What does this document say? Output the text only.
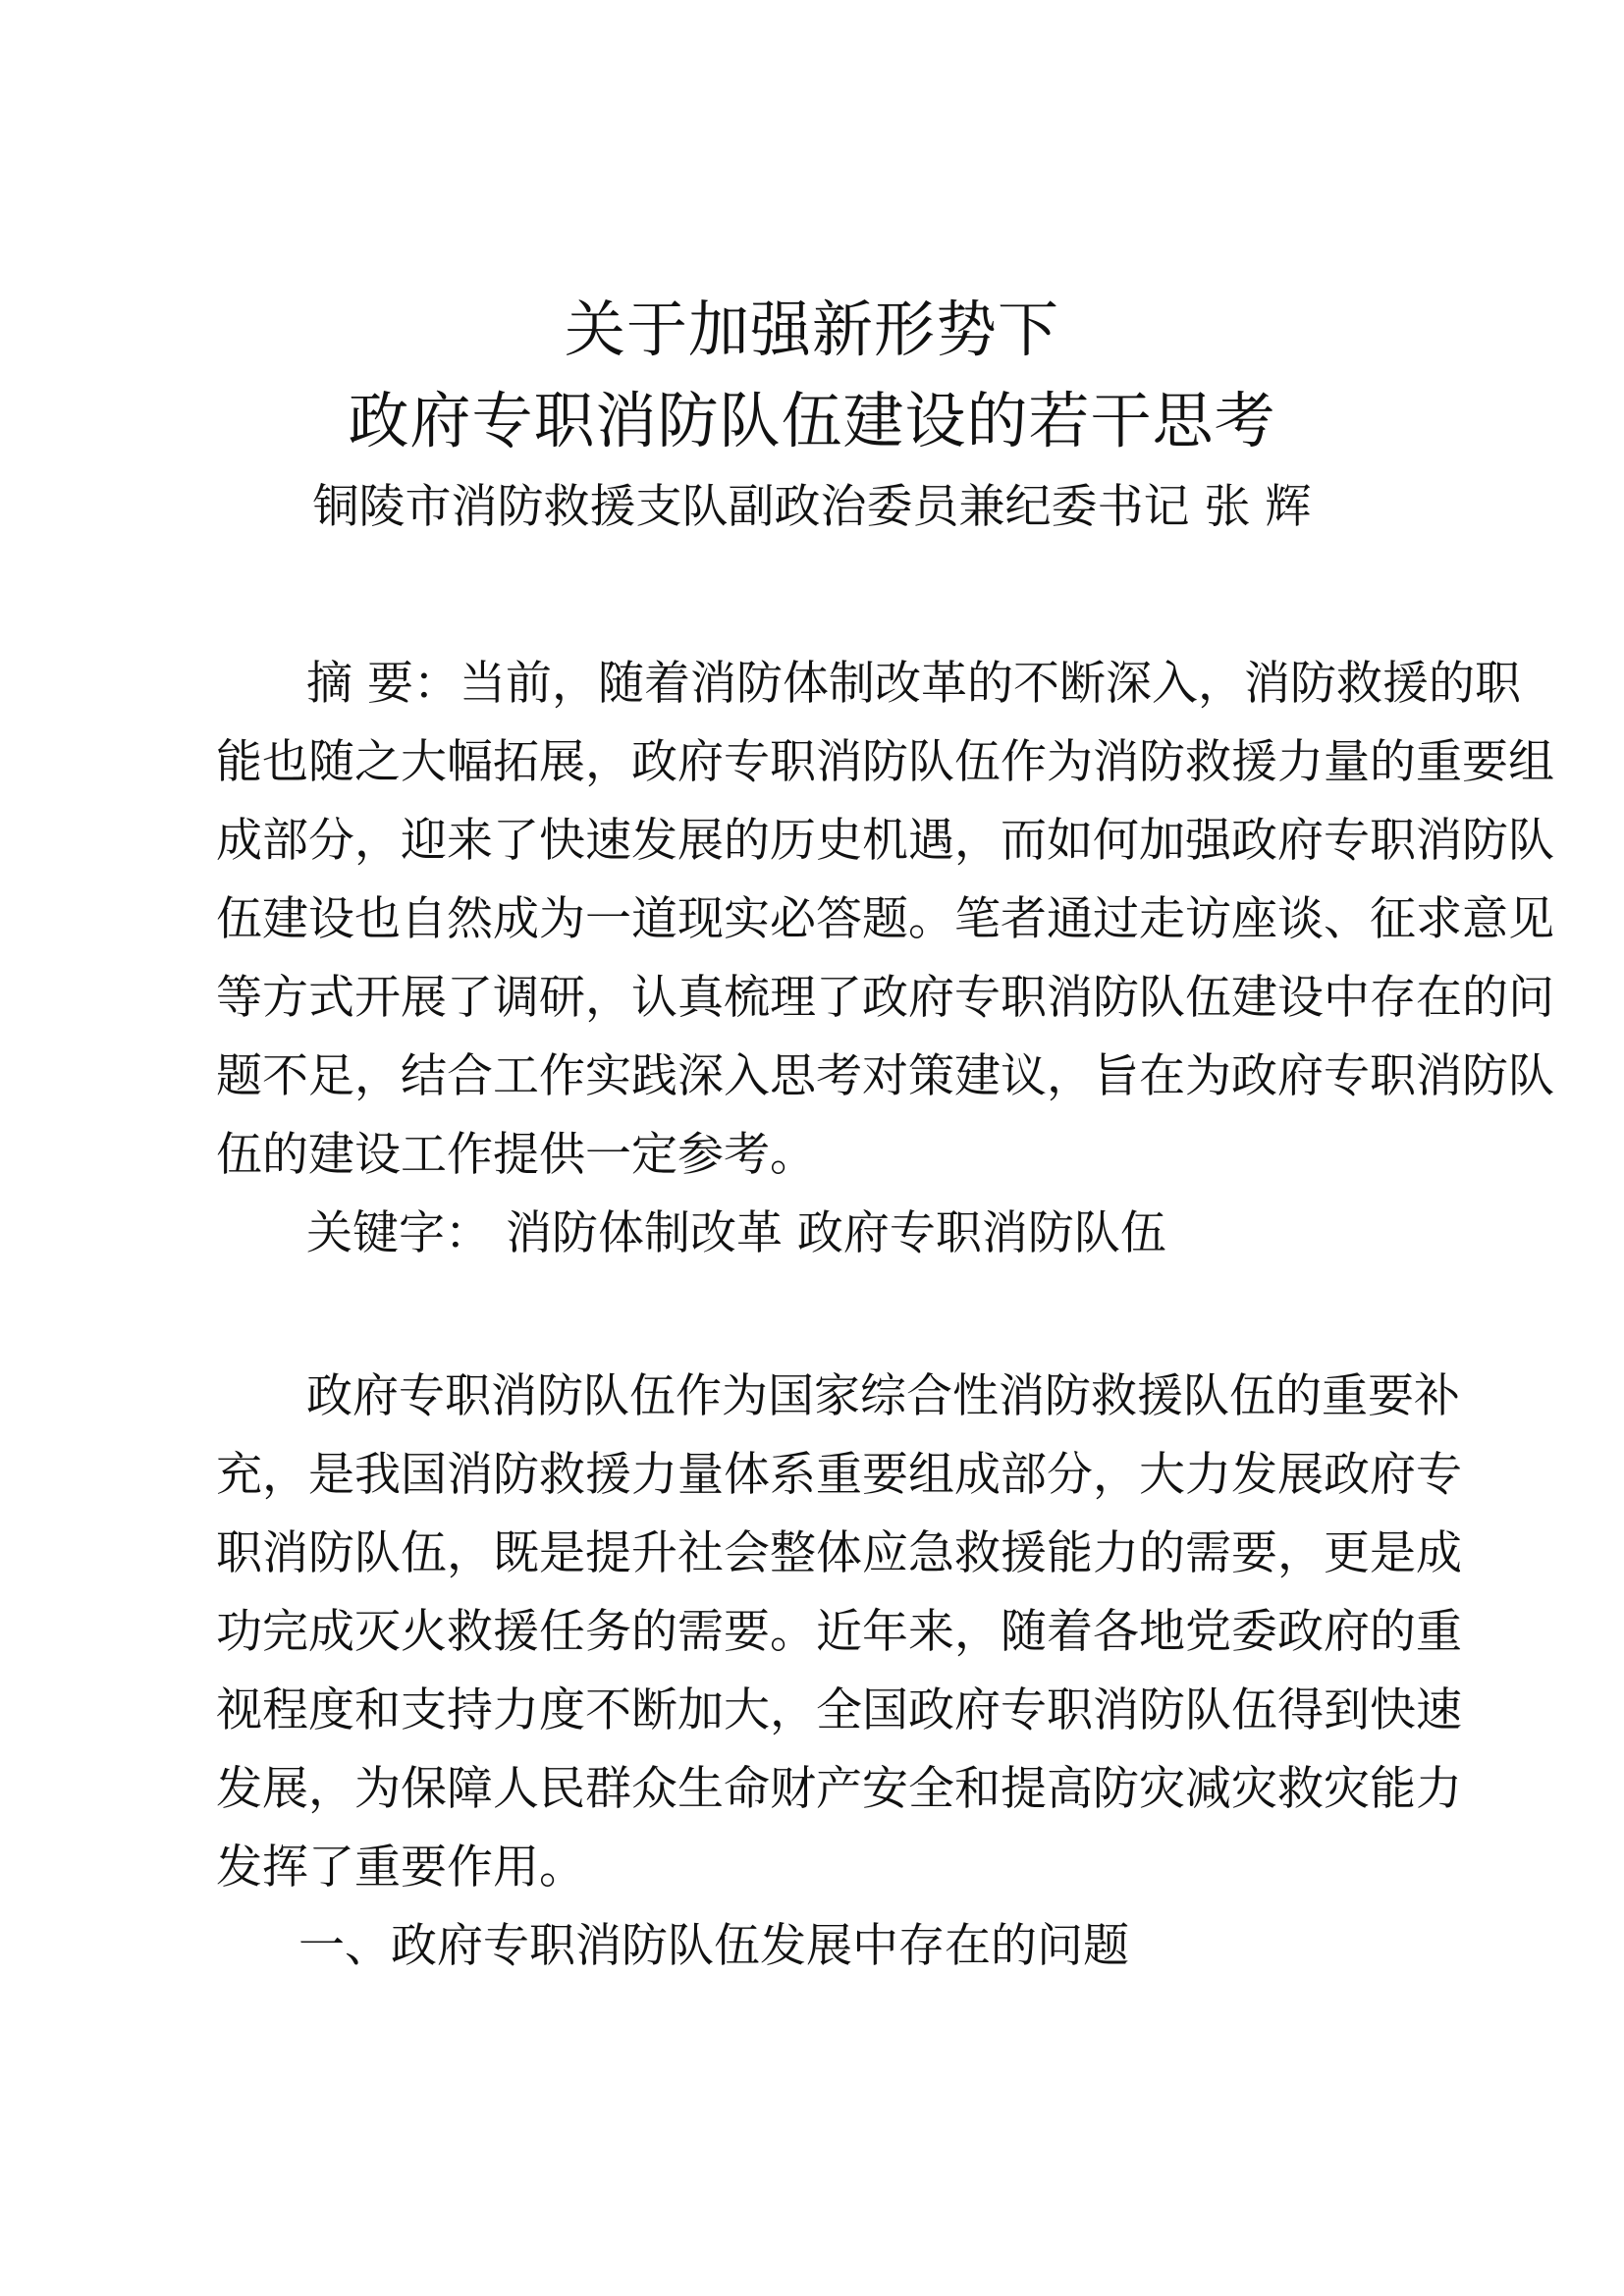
关于加强新形势下
政府专职消防队伍建设的若干思考
铜陵市消防救援支队副政治委员兼纪委书记 张 辉
摘 要：当前，随着消防体制改革的不断深入，消防救援的职
能也随之大幅拓展，政府专职消防队伍作为消防救援力量的重要组
成部分，迎来了快速发展的历史机遇，而如何加强政府专职消防队
伍建设也自然成为一道现实必答题。笔者通过走访座谈、征求意见
等方式开展了调研，认真梳理了政府专职消防队伍建设中存在的问
题不足，结合工作实践深入思考对策建议，旨在为政府专职消防队
伍的建设工作提供一定参考。
关键字： 消防体制改革 政府专职消防队伍
政府专职消防队伍作为国家综合性消防救援队伍的重要补
充，是我国消防救援力量体系重要组成部分，大力发展政府专
职消防队伍，既是提升社会整体应急救援能力的需要，更是成
功完成灭火救援任务的需要。近年来，随着各地党委政府的重
视程度和支持力度不断加大，全国政府专职消防队伍得到快速
发展，为保障人民群众生命财产安全和提高防灾减灾救灾能力
发挥了重要作用。
一、政府专职消防队伍发展中存在的问题
